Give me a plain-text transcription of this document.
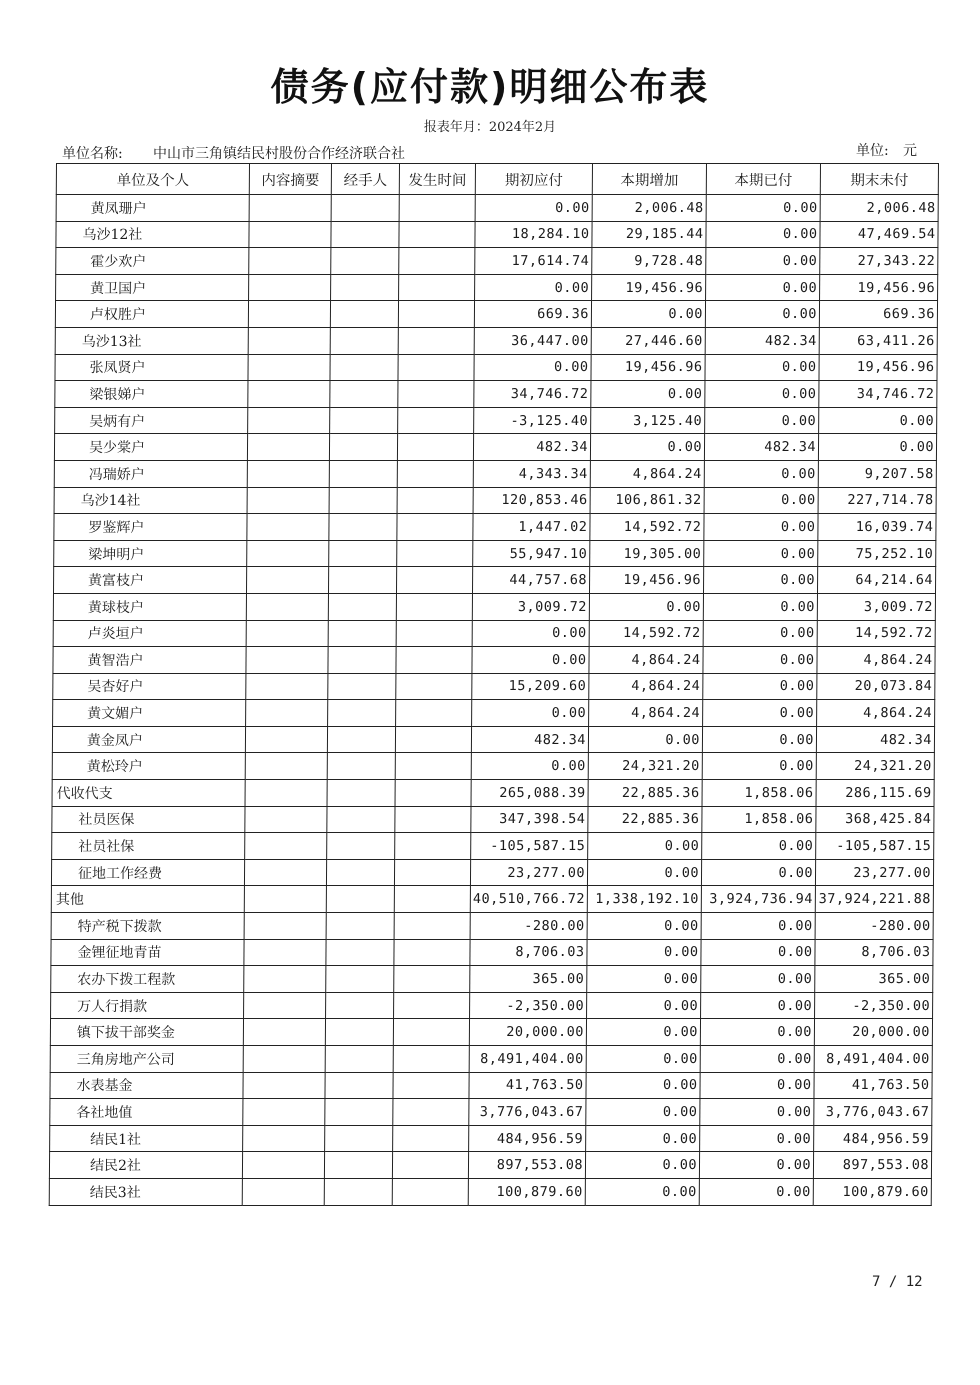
债务(应付款)明细公布表
报表年月：2024年2月
单位名称: 中山市三角镇结民村股份合作经济联合社	单位: 元
单位及个人	内容摘要	经手人	发生时间	期初应付	本期增加	本期已付	期末未付
黄凤珊户				0.00	2,006.48	0.00	2,006.48
乌沙12社				18,284.10	29,185.44	0.00	47,469.54
霍少欢户				17,614.74	9,728.48	0.00	27,343.22
黄卫国户				0.00	19,456.96	0.00	19,456.96
卢权胜户				669.36	0.00	0.00	669.36
乌沙13社				36,447.00	27,446.60	482.34	63,411.26
张凤贤户				0.00	19,456.96	0.00	19,456.96
梁银娣户				34,746.72	0.00	0.00	34,746.72
吴炳有户				-3,125.40	3,125.40	0.00	0.00
吴少棠户				482.34	0.00	482.34	0.00
冯瑞娇户				4,343.34	4,864.24	0.00	9,207.58
乌沙14社				120,853.46	106,861.32	0.00	227,714.78
罗鉴辉户				1,447.02	14,592.72	0.00	16,039.74
梁坤明户				55,947.10	19,305.00	0.00	75,252.10
黄富枝户				44,757.68	19,456.96	0.00	64,214.64
黄球枝户				3,009.72	0.00	0.00	3,009.72
卢炎垣户				0.00	14,592.72	0.00	14,592.72
黄智浩户				0.00	4,864.24	0.00	4,864.24
吴杏好户				15,209.60	4,864.24	0.00	20,073.84
黄文媚户				0.00	4,864.24	0.00	4,864.24
黄金凤户				482.34	0.00	0.00	482.34
黄松玲户				0.00	24,321.20	0.00	24,321.20
代收代支				265,088.39	22,885.36	1,858.06	286,115.69
社员医保				347,398.54	22,885.36	1,858.06	368,425.84
社员社保				-105,587.15	0.00	0.00	-105,587.15
征地工作经费				23,277.00	0.00	0.00	23,277.00
其他				40,510,766.72	1,338,192.10	3,924,736.94	37,924,221.88
特产税下拨款				-280.00	0.00	0.00	-280.00
金锂征地青苗				8,706.03	0.00	0.00	8,706.03
农办下拨工程款				365.00	0.00	0.00	365.00
万人行捐款				-2,350.00	0.00	0.00	-2,350.00
镇下拔干部奖金				20,000.00	0.00	0.00	20,000.00
三角房地产公司				8,491,404.00	0.00	0.00	8,491,404.00
水表基金				41,763.50	0.00	0.00	41,763.50
各社地值				3,776,043.67	0.00	0.00	3,776,043.67
结民1社				484,956.59	0.00	0.00	484,956.59
结民2社				897,553.08	0.00	0.00	897,553.08
结民3社				100,879.60	0.00	0.00	100,879.60
7 / 12
